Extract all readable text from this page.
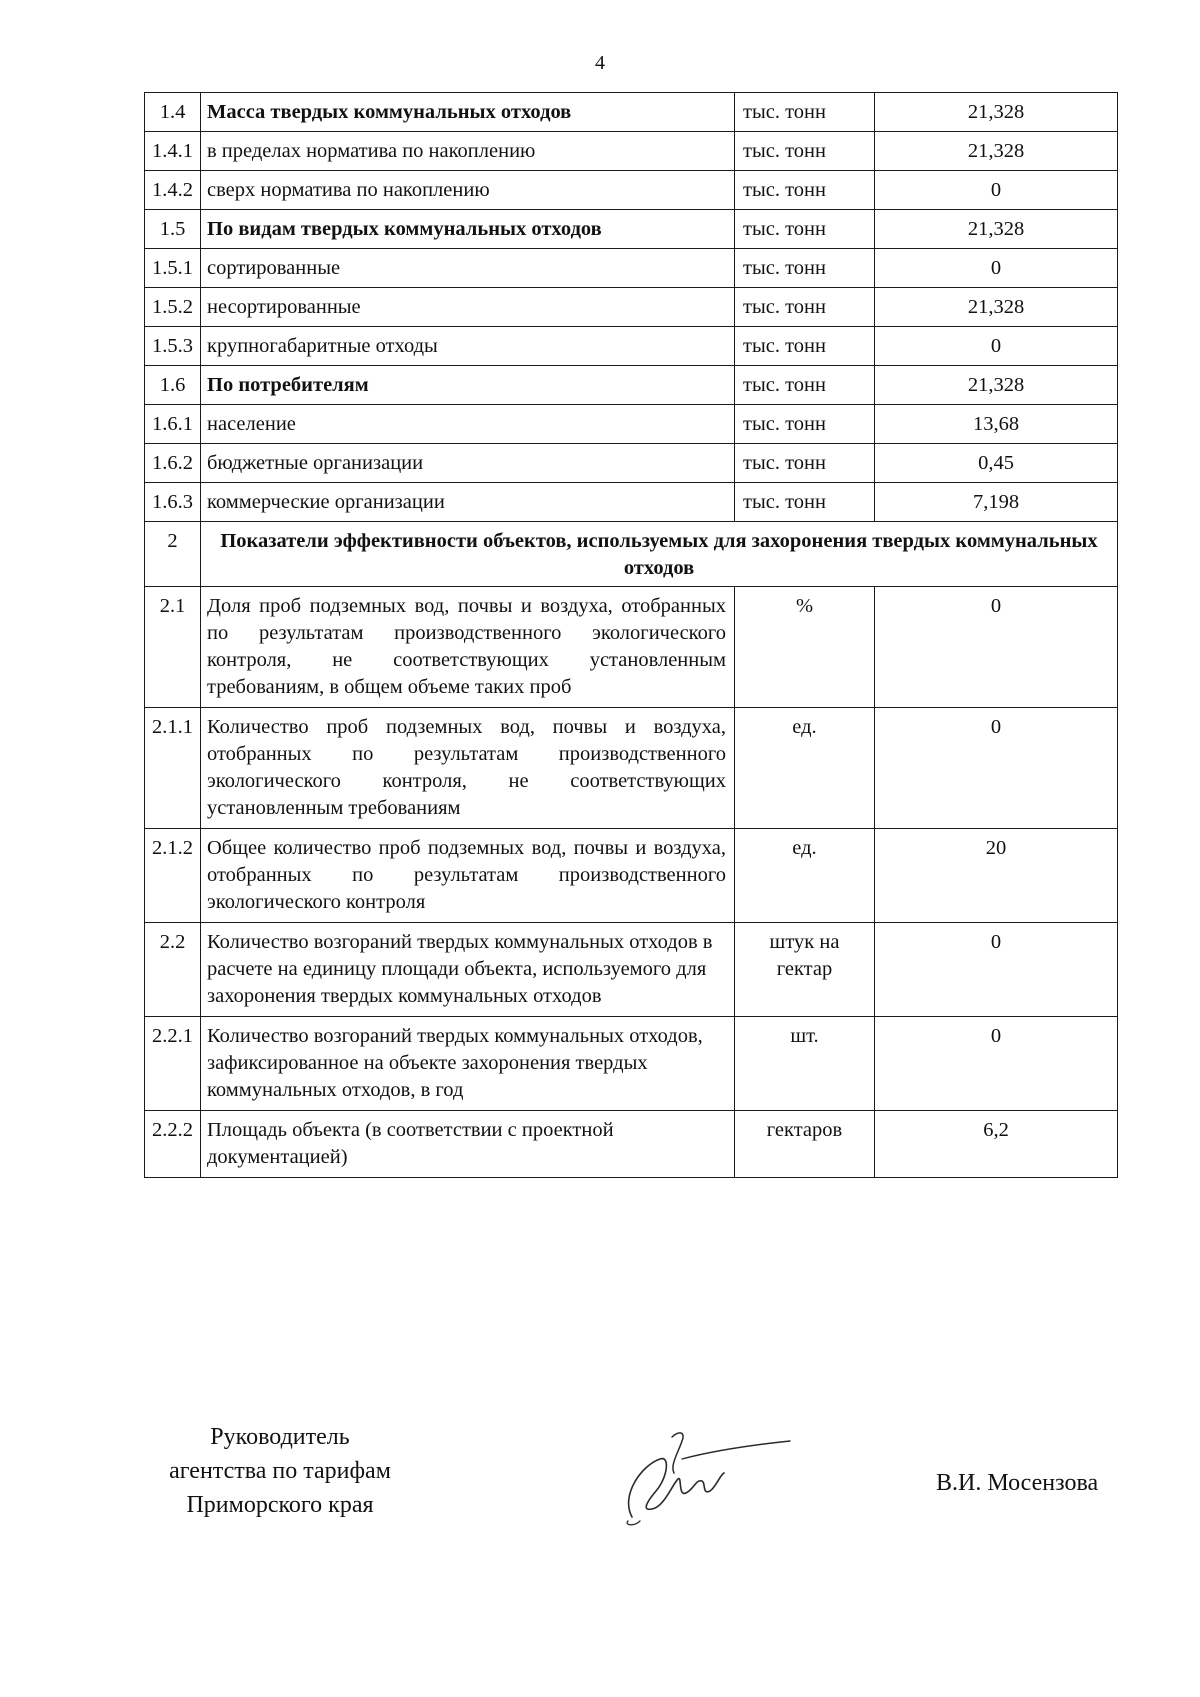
4
1.4	Масса твердых коммунальных отходов	тыс. тонн	21,328
1.4.1	в пределах норматива по накоплению	тыс. тонн	21,328
1.4.2	сверх норматива по накоплению	тыс. тонн	0
1.5	По видам твердых коммунальных отходов	тыс. тонн	21,328
1.5.1	сортированные	тыс. тонн	0
1.5.2	несортированные	тыс. тонн	21,328
1.5.3	крупногабаритные отходы	тыс. тонн	0
1.6	По потребителям	тыс. тонн	21,328
1.6.1	население	тыс. тонн	13,68
1.6.2	бюджетные организации	тыс. тонн	0,45
1.6.3	коммерческие организации	тыс. тонн	7,198
2	Показатели эффективности объектов, используемых для захоронения твердых коммунальных отходов		
2.1	Доля проб подземных вод, почвы и воздуха, отобранных по результатам производственного экологического контроля, не соответствующих установленным требованиям, в общем объеме таких проб	%	0
2.1.1	Количество проб подземных вод, почвы и воздуха, отобранных по результатам производственного экологического контроля, не соответствующих установленным требованиям	ед.	0
2.1.2	Общее количество проб подземных вод, почвы и воздуха, отобранных по результатам производственного экологического контроля	ед.	20
2.2	Количество возгораний твердых коммунальных отходов в расчете на единицу площади объекта, используемого для захоронения твердых коммунальных отходов	штук на гектар	0
2.2.1	Количество возгораний твердых коммунальных отходов, зафиксированное на объекте захоронения твердых коммунальных отходов, в год	шт.	0
2.2.2	Площадь объекта (в соответствии с проектной документацией)	гектаров	6,2
Руководитель
агентства по тарифам
Приморского края
В.И. Мосензова
